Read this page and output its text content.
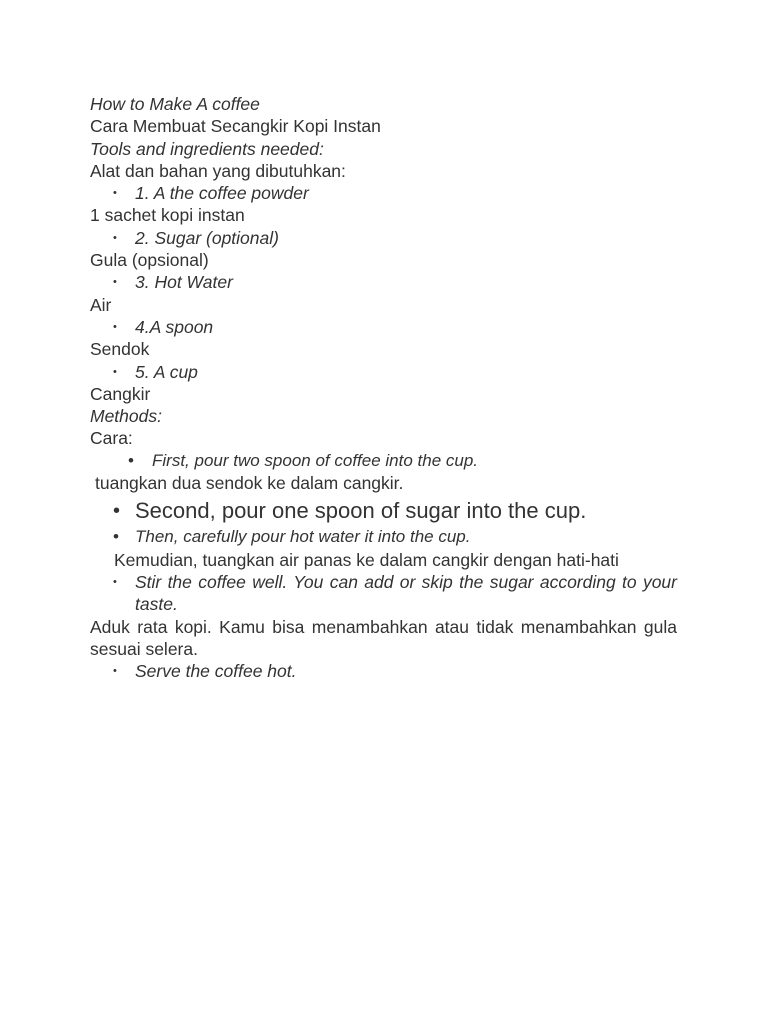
How to Make A coffee
Cara Membuat Secangkir Kopi Instan
Tools and ingredients needed:
Alat dan bahan yang dibutuhkan:
• 1. A the coffee powder
1 sachet kopi instan
• 2. Sugar (optional)
Gula (opsional)
• 3. Hot Water
Air
• 4.A spoon
Sendok
• 5. A cup
Cangkir
Methods:
Cara:
• First, pour two spoon of coffee into the cup.
tuangkan dua sendok ke dalam cangkir.
• Second, pour one spoon of sugar into the cup.
• Then, carefully pour hot water it into the cup.
Kemudian, tuangkan air panas ke dalam cangkir dengan hati-hati
• Stir the coffee well. You can add or skip the sugar according to your taste.
Aduk rata kopi. Kamu bisa menambahkan atau tidak menambahkan gula sesuai selera.
• Serve the coffee hot.
